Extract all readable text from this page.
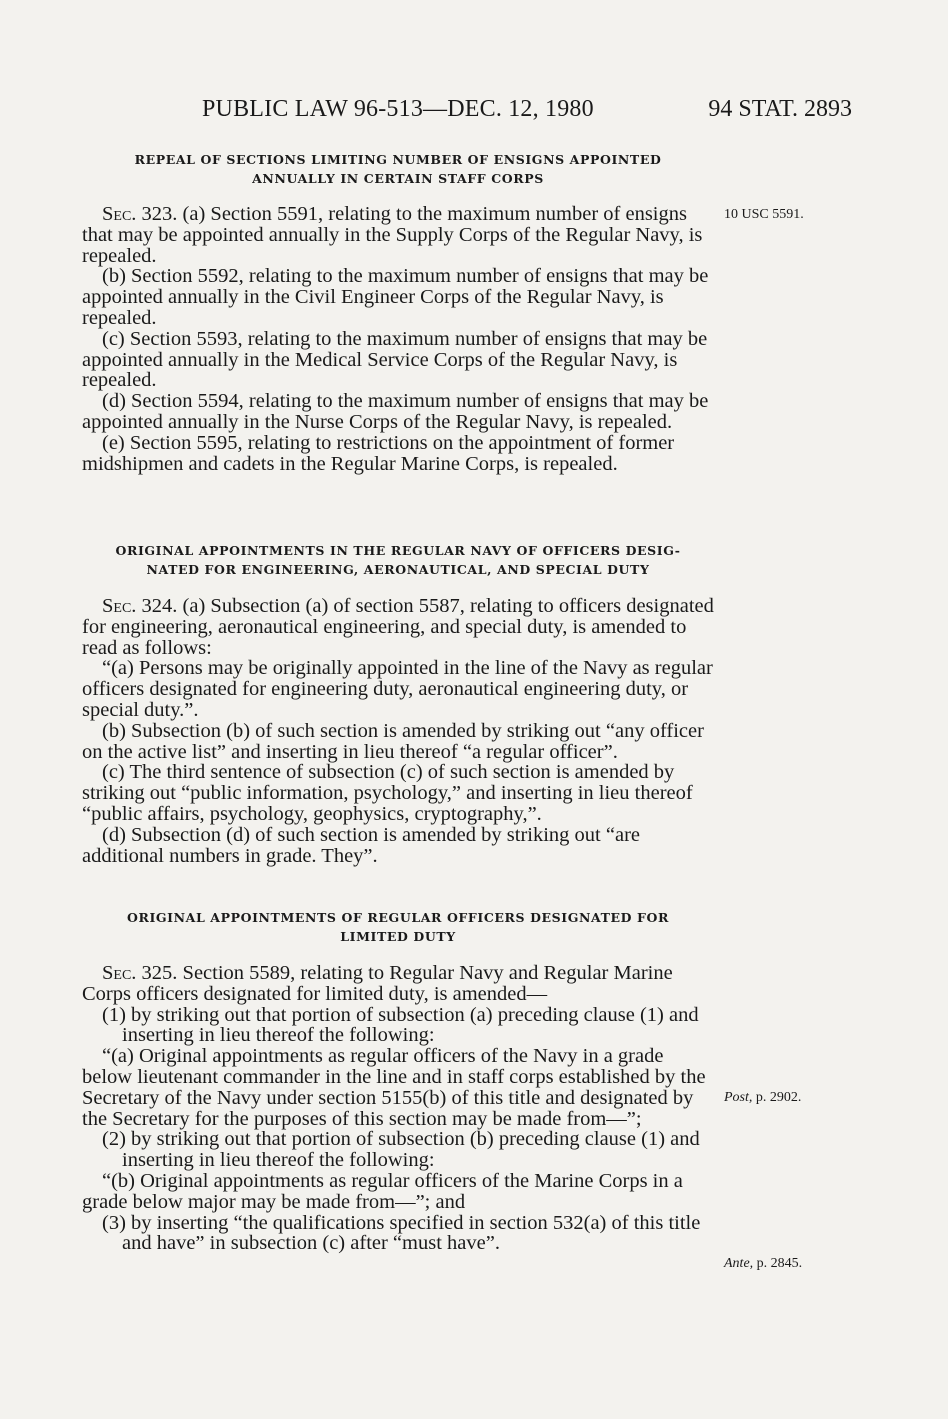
PUBLIC LAW 96-513—DEC. 12, 1980	94 STAT. 2893
REPEAL OF SECTIONS LIMITING NUMBER OF ENSIGNS APPOINTED
ANNUALLY IN CERTAIN STAFF CORPS

Sec. 323. (a) Section 5591, relating to the maximum number of ensigns that may be appointed annually in the Supply Corps of the Regular Navy, is repealed.

(b) Section 5592, relating to the maximum number of ensigns that may be appointed annually in the Civil Engineer Corps of the Regular Navy, is repealed.

(c) Section 5593, relating to the maximum number of ensigns that may be appointed annually in the Medical Service Corps of the Regular Navy, is repealed.

(d) Section 5594, relating to the maximum number of ensigns that may be appointed annually in the Nurse Corps of the Regular Navy, is repealed.

(e) Section 5595, relating to restrictions on the appointment of former midshipmen and cadets in the Regular Marine Corps, is repealed.

10 USC 5591.
ORIGINAL APPOINTMENTS IN THE REGULAR NAVY OF OFFICERS DESIG-
NATED FOR ENGINEERING, AERONAUTICAL, AND SPECIAL DUTY

Sec. 324. (a) Subsection (a) of section 5587, relating to officers designated for engineering, aeronautical engineering, and special duty, is amended to read as follows:

“(a) Persons may be originally appointed in the line of the Navy as regular officers designated for engineering duty, aeronautical engineering duty, or special duty.”.

(b) Subsection (b) of such section is amended by striking out “any officer on the active list” and inserting in lieu thereof “a regular officer”.

(c) The third sentence of subsection (c) of such section is amended by striking out “public information, psychology,” and inserting in lieu thereof “public affairs, psychology, geophysics, cryptography,”.

(d) Subsection (d) of such section is amended by striking out “are additional numbers in grade. They”.

ORIGINAL APPOINTMENTS OF REGULAR OFFICERS DESIGNATED FOR
LIMITED DUTY

Sec. 325. Section 5589, relating to Regular Navy and Regular Marine Corps officers designated for limited duty, is amended—

(1) by striking out that portion of subsection (a) preceding clause (1) and inserting in lieu thereof the following:

“(a) Original appointments as regular officers of the Navy in a grade below lieutenant commander in the line and in staff corps established by the Secretary of the Navy under section 5155(b) of this title and designated by the Secretary for the purposes of this section may be made from—”;

(2) by striking out that portion of subsection (b) preceding clause (1) and inserting in lieu thereof the following:

“(b) Original appointments as regular officers of the Marine Corps in a grade below major may be made from—”; and

(3) by inserting “the qualifications specified in section 532(a) of this title and have” in subsection (c) after “must have”.

Post, p. 2902.
Ante, p. 2845.
